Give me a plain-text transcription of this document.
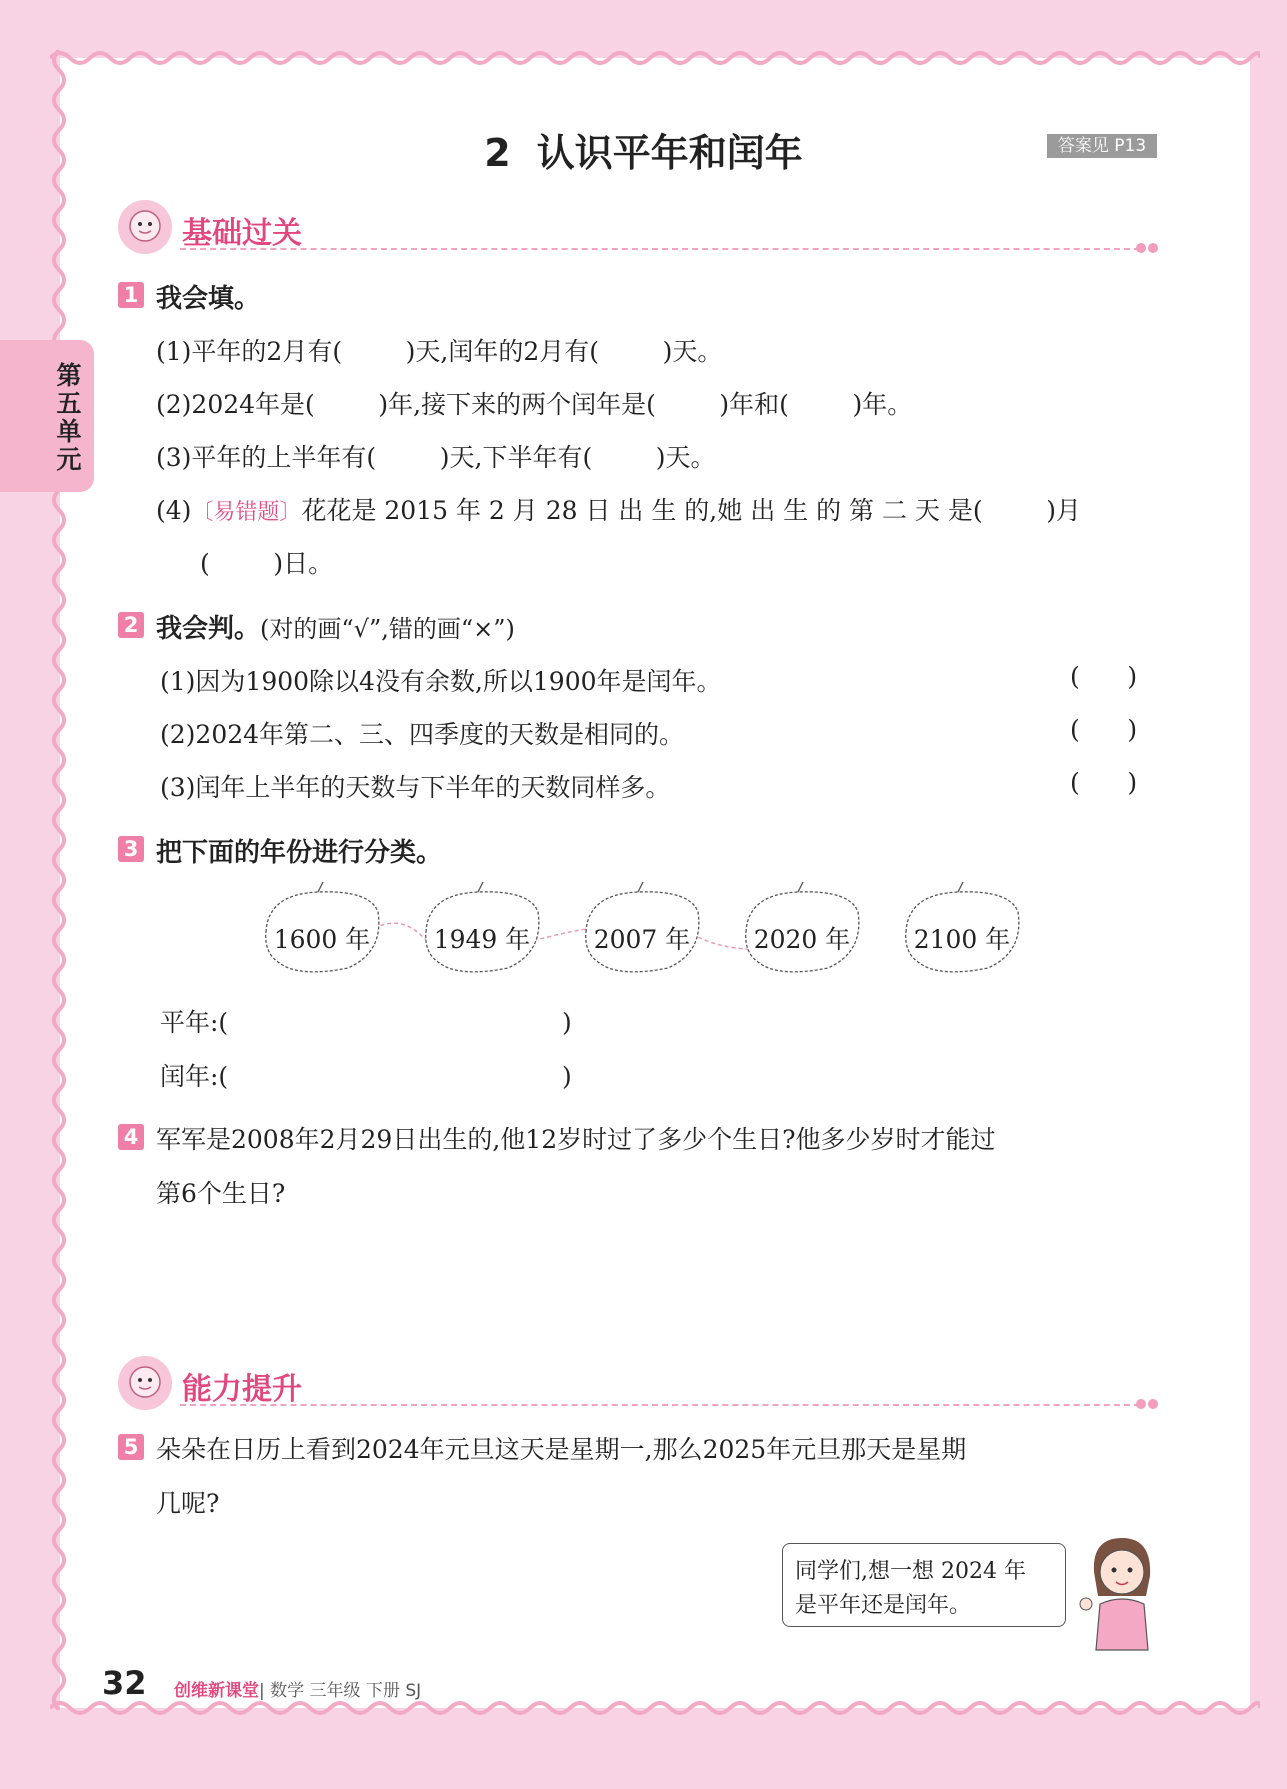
第五单元
2 认识平年和闰年	答案见 P13
基础过关
1 我会填。
(1)平年的2月有(        )天,闰年的2月有(        )天。
(2)2024年是(        )年,接下来的两个闰年是(        )年和(        )年。
(3)平年的上半年有(        )天,下半年有(        )天。
(4)〔易错题〕花花是 2015 年 2 月 28 日 出 生 的,她 出 生 的 第 二 天 是(        )月
(        )日。
2 我会判。(对的画“√”,错的画“×”)
(1)因为1900除以4没有余数,所以1900年是闰年。	(      )
(2)2024年第二、三、四季度的天数是相同的。	(      )
(3)闰年上半年的天数与下半年的天数同样多。	(      )
3 把下面的年份进行分类。
1600 年	1949 年	2007 年	2020 年	2100 年
平年:(                                          )
闰年:(                                          )
4 军军是2008年2月29日出生的,他12岁时过了多少个生日?他多少岁时才能过
第6个生日?
能力提升
5 朵朵在日历上看到2024年元旦这天是星期一,那么2025年元旦那天是星期
几呢?
同学们,想一想 2024 年
是平年还是闰年。
32 创维新课堂| 数学 三年级 下册 SJ
